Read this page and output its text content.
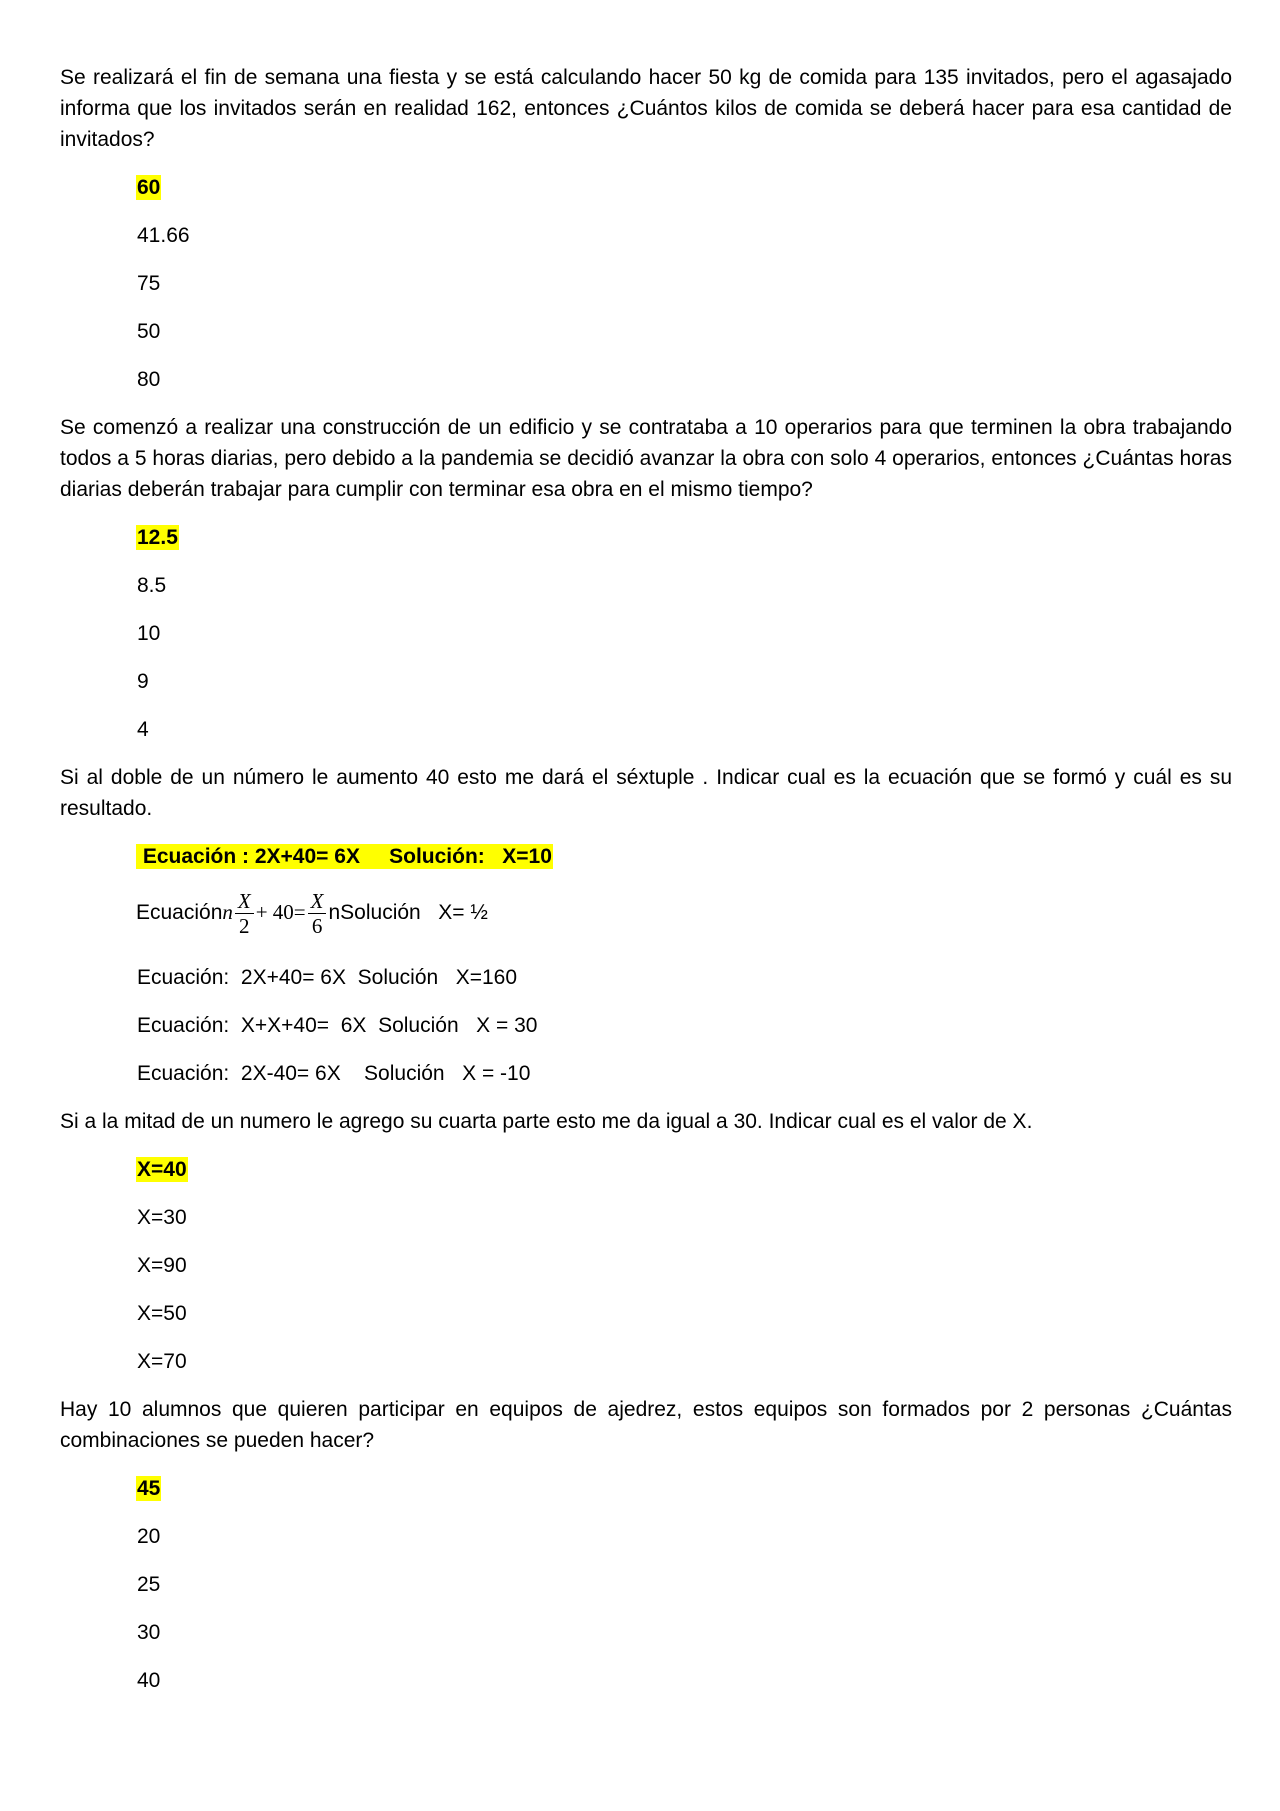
Se realizará el fin de semana una fiesta y se está calculando hacer 50 kg de comida para 135 invitados, pero el agasajado informa que los invitados serán en realidad 162, entonces ¿Cuántos kilos de comida se deberá hacer para esa cantidad de invitados?

60
41.66
75
50
80

Se comenzó a realizar una construcción de un edificio y se contrataba a 10 operarios para que terminen la obra trabajando todos a 5 horas diarias, pero debido a la pandemia se decidió avanzar la obra con solo 4 operarios, entonces ¿Cuántas horas diarias deberán trabajar para cumplir con terminar esa obra en el mismo tiempo?

12.5
8.5
10
9
4

Si al doble de un número le aumento 40 esto me dará el séxtuple . Indicar cual es la ecuación que se formó y cuál es su resultado.

Ecuación : 2X+40= 6X     Solución:   X=10
Ecuaciónn $\frac{X}{2} + 40= \frac{X}{6}$ nSolución   X= ½
Ecuación:  2X+40= 6X  Solución   X=160
Ecuación:  X+X+40=  6X  Solución   X = 30
Ecuación:  2X-40= 6X    Solución   X = -10

Si a la mitad de un numero le agrego su cuarta parte esto me da igual a 30. Indicar cual es el valor de X.

X=40
X=30
X=90
X=50
X=70

Hay 10 alumnos que quieren participar en equipos de ajedrez, estos equipos son formados por 2 personas ¿Cuántas combinaciones se pueden hacer?

45
20
25
30
40
